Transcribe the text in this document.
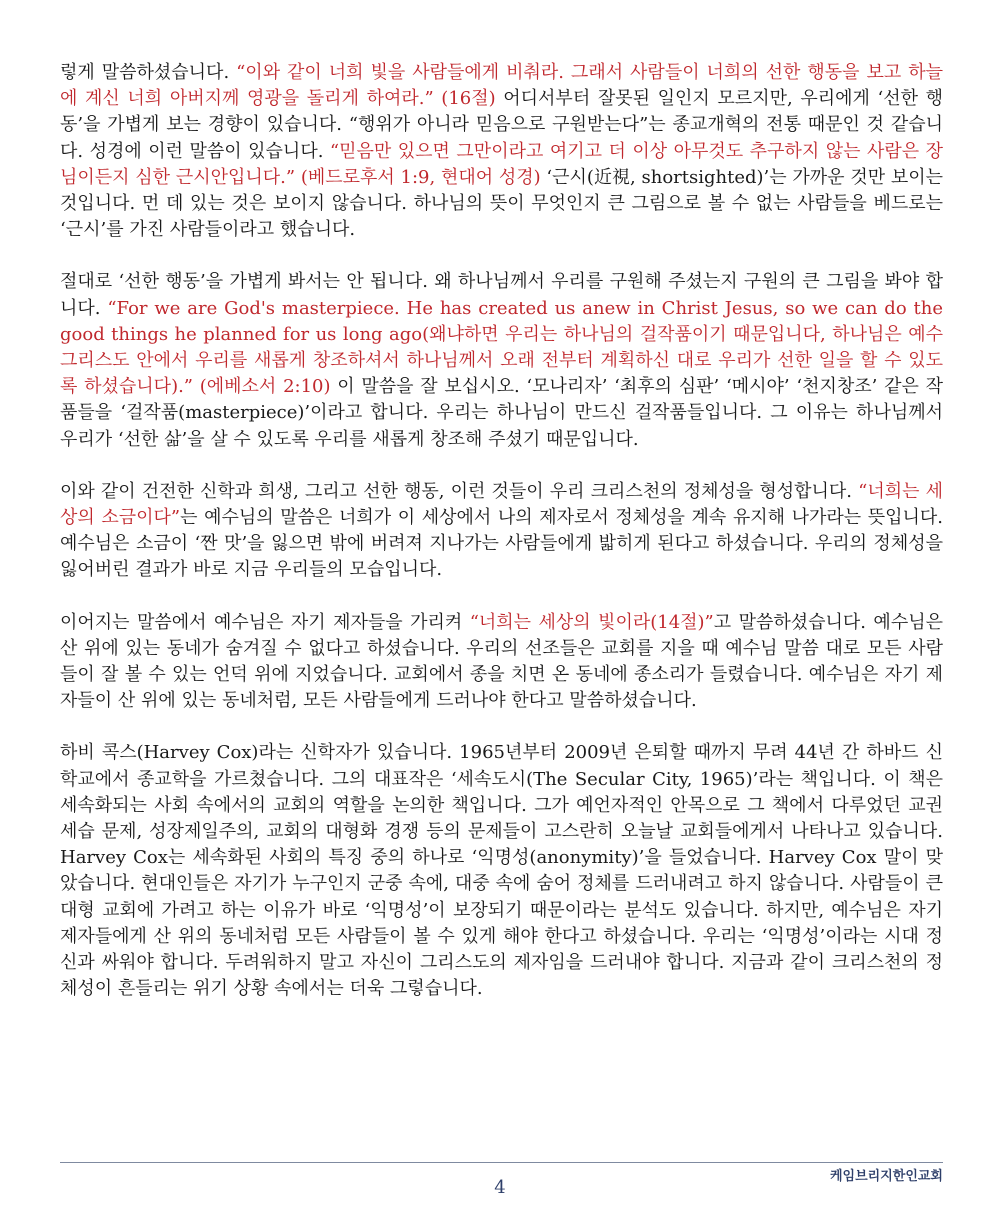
렇게 말씀하셨습니다. “이와 같이 너희 빛을 사람들에게 비춰라. 그래서 사람들이 너희의 선한 행동을 보고 하늘에 계신 너희 아버지께 영광을 돌리게 하여라.” (16절) 어디서부터 잘못된 일인지 모르지만, 우리에게 ‘선한 행동’을 가볍게 보는 경향이 있습니다. “행위가 아니라 믿음으로 구원받는다”는 종교개혁의 전통 때문인 것 같습니다. 성경에 이런 말씀이 있습니다. “믿음만 있으면 그만이라고 여기고 더 이상 아무것도 추구하지 않는 사람은 장님이든지 심한 근시안입니다.” (베드로후서 1:9, 현대어 성경) ‘근시(近視, shortsighted)’는 가까운 것만 보이는 것입니다. 먼 데 있는 것은 보이지 않습니다. 하나님의 뜻이 무엇인지 큰 그림으로 볼 수 없는 사람들을 베드로는 ‘근시’를 가진 사람들이라고 했습니다.

절대로 ‘선한 행동’을 가볍게 봐서는 안 됩니다. 왜 하나님께서 우리를 구원해 주셨는지 구원의 큰 그림을 봐야 합니다. “For we are God's masterpiece. He has created us anew in Christ Jesus, so we can do the good things he planned for us long ago(왜냐하면 우리는 하나님의 걸작품이기 때문입니다, 하나님은 예수 그리스도 안에서 우리를 새롭게 창조하셔서 하나님께서 오래 전부터 계획하신 대로 우리가 선한 일을 할 수 있도록 하셨습니다).” (에베소서 2:10) 이 말씀을 잘 보십시오. ‘모나리자’ ‘최후의 심판’ ‘메시야’ ‘천지창조’ 같은 작품들을 ‘걸작품(masterpiece)’이라고 합니다. 우리는 하나님이 만드신 걸작품들입니다. 그 이유는 하나님께서 우리가 ‘선한 삶’을 살 수 있도록 우리를 새롭게 창조해 주셨기 때문입니다.

이와 같이 건전한 신학과 희생, 그리고 선한 행동, 이런 것들이 우리 크리스천의 정체성을 형성합니다. “너희는 세상의 소금이다”는 예수님의 말씀은 너희가 이 세상에서 나의 제자로서 정체성을 계속 유지해 나가라는 뜻입니다. 예수님은 소금이 ‘짠 맛’을 잃으면 밖에 버려져 지나가는 사람들에게 밟히게 된다고 하셨습니다. 우리의 정체성을 잃어버린 결과가 바로 지금 우리들의 모습입니다.

이어지는 말씀에서 예수님은 자기 제자들을 가리켜 “너희는 세상의 빛이라(14절)”고 말씀하셨습니다. 예수님은 산 위에 있는 동네가 숨겨질 수 없다고 하셨습니다. 우리의 선조들은 교회를 지을 때 예수님 말씀 대로 모든 사람들이 잘 볼 수 있는 언덕 위에 지었습니다. 교회에서 종을 치면 온 동네에 종소리가 들렸습니다. 예수님은 자기 제자들이 산 위에 있는 동네처럼, 모든 사람들에게 드러나야 한다고 말씀하셨습니다.

하비 콕스(Harvey Cox)라는 신학자가 있습니다. 1965년부터 2009년 은퇴할 때까지 무려 44년 간 하바드 신학교에서 종교학을 가르쳤습니다. 그의 대표작은 ‘세속도시(The Secular City, 1965)’라는 책입니다. 이 책은 세속화되는 사회 속에서의 교회의 역할을 논의한 책입니다. 그가 예언자적인 안목으로 그 책에서 다루었던 교권 세습 문제, 성장제일주의, 교회의 대형화 경쟁 등의 문제들이 고스란히 오늘날 교회들에게서 나타나고 있습니다. Harvey Cox는 세속화된 사회의 특징 중의 하나로 ‘익명성(anonymity)’을 들었습니다. Harvey Cox 말이 맞았습니다. 현대인들은 자기가 누구인지 군중 속에, 대중 속에 숨어 정체를 드러내려고 하지 않습니다. 사람들이 큰 대형 교회에 가려고 하는 이유가 바로 ‘익명성’이 보장되기 때문이라는 분석도 있습니다. 하지만, 예수님은 자기 제자들에게 산 위의 동네처럼 모든 사람들이 볼 수 있게 해야 한다고 하셨습니다. 우리는 ‘익명성’이라는 시대 정신과 싸워야 합니다. 두려워하지 말고 자신이 그리스도의 제자임을 드러내야 합니다. 지금과 같이 크리스천의 정체성이 흔들리는 위기 상황 속에서는 더욱 그렇습니다.

케임브리지한인교회
4
